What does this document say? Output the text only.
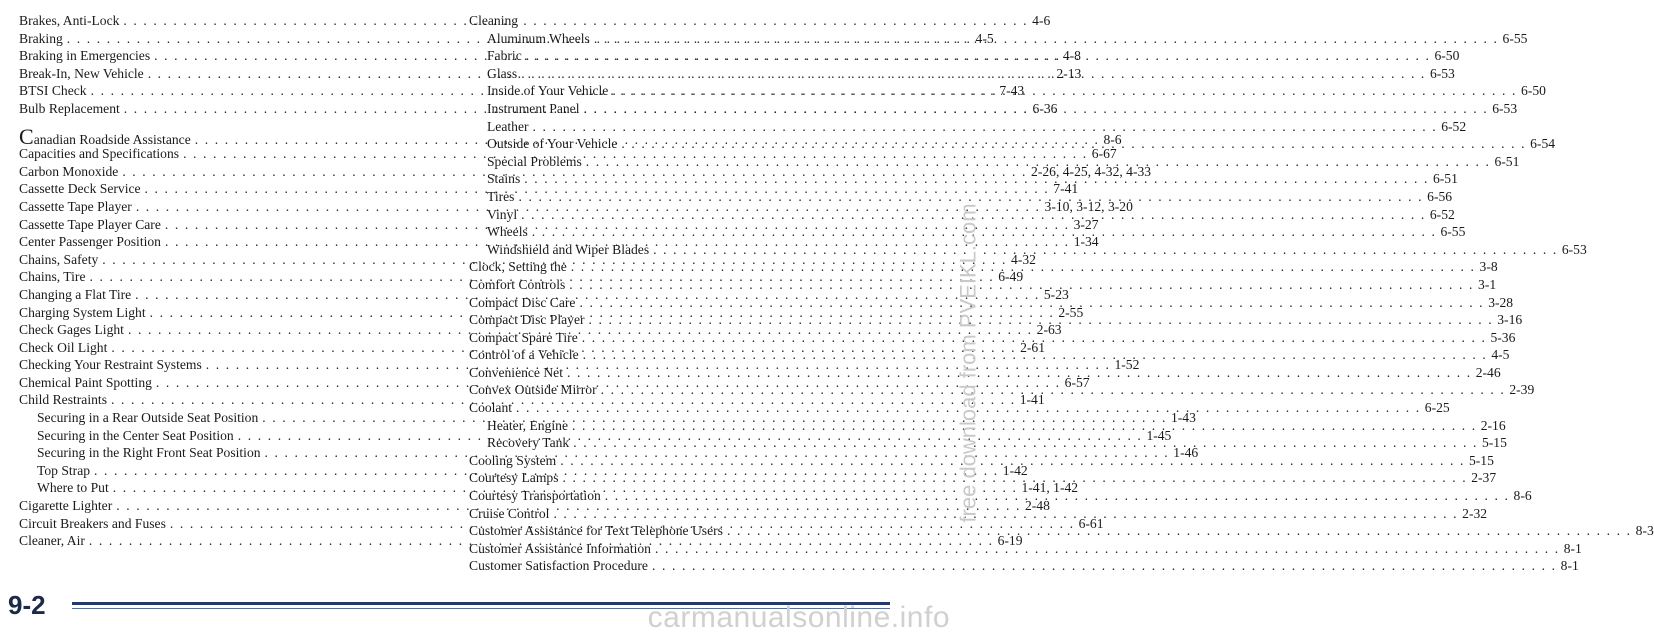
Brakes, Anti-Lock . . .	4-6
Braking . . .	4-5
Braking in Emergencies . . .	4-8
Break-In, New Vehicle . . .	2-13
BTSI Check . . .	7-43
Bulb Replacement . . .	6-36
Canadian Roadside Assistance . . .	8-6
Capacities and Specifications . . .	6-67
Carbon Monoxide . . .	2-26, 4-25, 4-32, 4-33
Cassette Deck Service . . .	7-41
Cassette Tape Player . . .	3-10, 3-12, 3-20
Cassette Tape Player Care . . .	3-27
Center Passenger Position . . .	1-34
Chains, Safety . . .	4-32
Chains, Tire . . .	6-49
Changing a Flat Tire . . .	5-23
Charging System Light . . .	2-55
Check Gages Light . . .	2-63
Check Oil Light . . .	2-61
Checking Your Restraint Systems . . .	1-52
Chemical Paint Spotting . . .	6-57
Child Restraints . . .	1-41
Securing in a Rear Outside Seat Position . . .	1-43
Securing in the Center Seat Position . . .	1-45
Securing in the Right Front Seat Position . . .	1-46
Top Strap . . .	1-42
Where to Put . . .	1-41, 1-42
Cigarette Lighter . . .	2-48
Circuit Breakers and Fuses . . .	6-61
Cleaner, Air . . .	6-19
Cleaning
Aluminum Wheels . . .	6-55
Fabric . . .	6-50
Glass . . .	6-53
Inside of Your Vehicle . . .	6-50
Instrument Panel . . .	6-53
Leather . . .	6-52
Outside of Your Vehicle . . .	6-54
Special Problems . . .	6-51
Stains . . .	6-51
Tires . . .	6-56
Vinyl . . .	6-52
Wheels . . .	6-55
Windshield and Wiper Blades . . .	6-53
Clock, Setting the . . .	3-8
Comfort Controls . . .	3-1
Compact Disc Care . . .	3-28
Compact Disc Player . . .	3-16
Compact Spare Tire . . .	5-36
Control of a Vehicle . . .	4-5
Convenience Net . . .	2-46
Convex Outside Mirror . . .	2-39
Coolant . . .	6-25
Heater, Engine . . .	2-16
Recovery Tank . . .	5-15
Cooling System . . .	5-15
Courtesy Lamps . . .	2-37
Courtesy Transportation . . .	8-6
Cruise Control . . .	2-32
Customer Assistance for Text Telephone Users . . .	8-3
Customer Assistance Information . . .	8-1
Customer Satisfaction Procedure . . .	8-1
9-2
free download from PVEIKL.com
carmanualsonline.info
